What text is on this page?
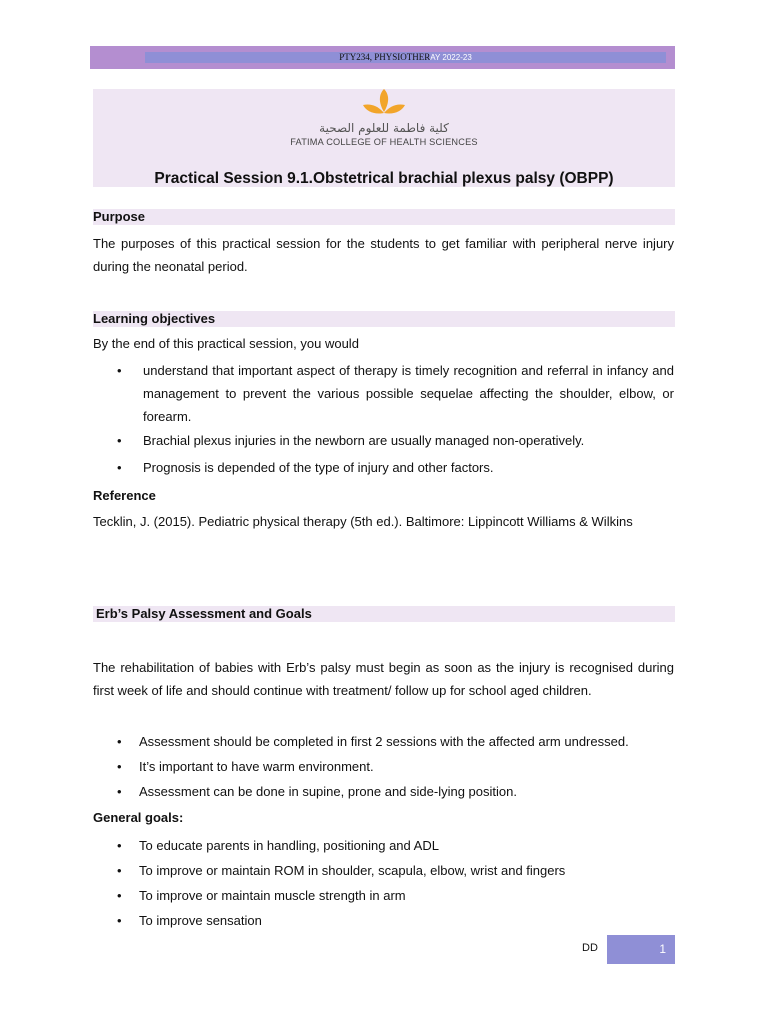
PTY234, PHYSIOTHERAY 2022-23
كلية فاطمة للعلوم الصحية
FATIMA COLLEGE OF HEALTH SCIENCES
Practical Session 9.1.Obstetrical brachial plexus palsy (OBPP)
Purpose
The purposes of this practical session for the students to get familiar with peripheral nerve injury during the neonatal period.
Learning objectives
By the end of this practical session, you would
• understand that important aspect of therapy is timely recognition and referral in infancy and management to prevent the various possible sequelae affecting the shoulder, elbow, or forearm.
• Brachial plexus injuries in the newborn are usually managed non-operatively.
• Prognosis is depended of the type of injury and other factors.
Reference
Tecklin, J. (2015). Pediatric physical therapy (5th ed.). Baltimore: Lippincott Williams & Wilkins
Erb’s Palsy Assessment and Goals
The rehabilitation of babies with Erb’s palsy must begin as soon as the injury is recognised during first week of life and should continue with treatment/ follow up for school aged children.
• Assessment should be completed in first 2 sessions with the affected arm undressed.
• It’s important to have warm environment.
• Assessment can be done in supine, prone and side-lying position.
General goals:
• To educate parents in handling, positioning and ADL
• To improve or maintain ROM in shoulder, scapula, elbow, wrist and fingers
• To improve or maintain muscle strength in arm
• To improve sensation
DD	1
